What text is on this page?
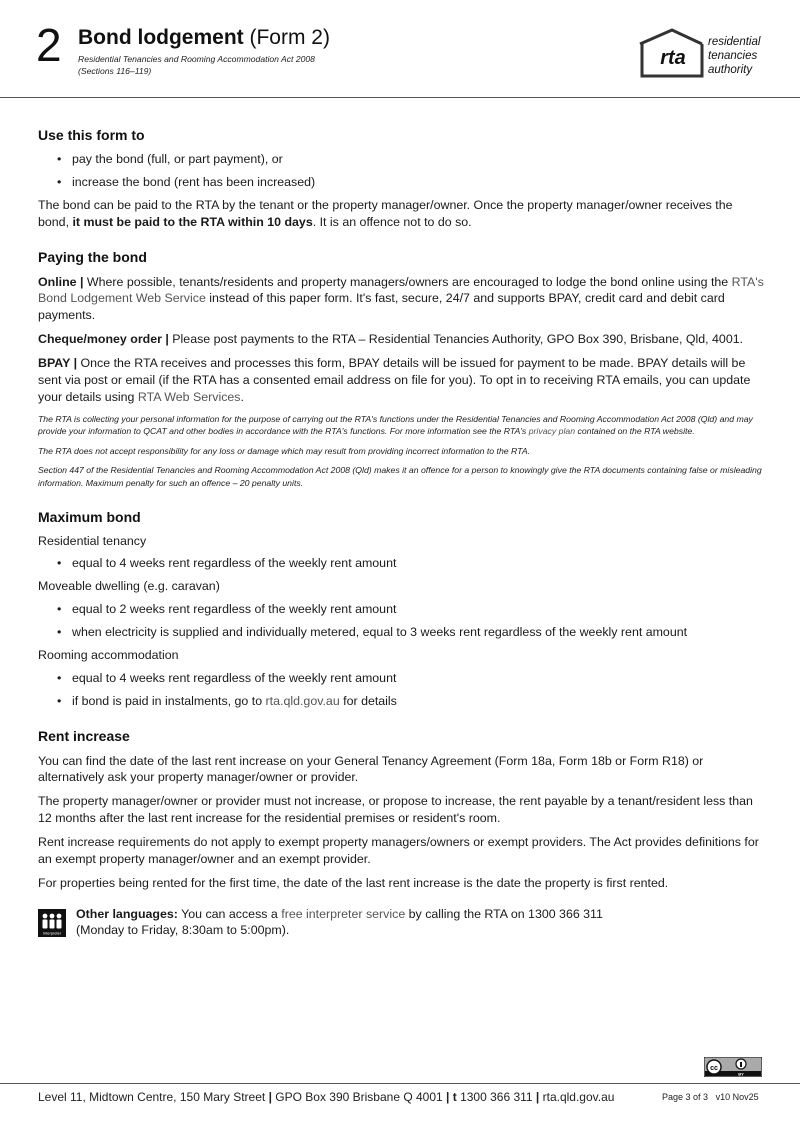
2 Bond lodgement (Form 2)
Residential Tenancies and Rooming Accommodation Act 2008
(Sections 116–119)
rta
residential
tenancies
authority
Use this form to
• pay the bond (full, or part payment), or
• increase the bond (rent has been increased)

The bond can be paid to the RTA by the tenant or the property manager/owner. Once the property manager/owner receives the bond, it must be paid to the RTA within 10 days. It is an offence not to do so.

Paying the bond

Online | Where possible, tenants/residents and property managers/owners are encouraged to lodge the bond online using the RTA's Bond Lodgement Web Service instead of this paper form. It's fast, secure, 24/7 and supports BPAY, credit card and debit card payments.

Cheque/money order | Please post payments to the RTA – Residential Tenancies Authority, GPO Box 390, Brisbane, Qld, 4001.

BPAY | Once the RTA receives and processes this form, BPAY details will be issued for payment to be made. BPAY details will be sent via post or email (if the RTA has a consented email address on file for you). To opt in to receiving RTA emails, you can update your details using RTA Web Services.

The RTA is collecting your personal information for the purpose of carrying out the RTA's functions under the Residential Tenancies and Rooming Accommodation Act 2008 (Qld) and may provide your information to QCAT and other bodies in accordance with the RTA's functions. For more information see the RTA's privacy plan contained on the RTA website.

The RTA does not accept responsibility for any loss or damage which may result from providing incorrect information to the RTA.

Section 447 of the Residential Tenancies and Rooming Accommodation Act 2008 (Qld) makes it an offence for a person to knowingly give the RTA documents containing false or misleading information. Maximum penalty for such an offence – 20 penalty units.

Maximum bond

Residential tenancy

• equal to 4 weeks rent regardless of the weekly rent amount

Moveable dwelling (e.g. caravan)

• equal to 2 weeks rent regardless of the weekly rent amount
• when electricity is supplied and individually metered, equal to 3 weeks rent regardless of the weekly rent amount

Rooming accommodation

• equal to 4 weeks rent regardless of the weekly rent amount
• if bond is paid in instalments, go to rta.qld.gov.au for details
Rent increase

You can find the date of the last rent increase on your General Tenancy Agreement (Form 18a, Form 18b or Form R18) or alternatively ask your property manager/owner or provider.

The property manager/owner or provider must not increase, or propose to increase, the rent payable by a tenant/resident less than 12 months after the last rent increase for the residential premises or resident's room.

Rent increase requirements do not apply to exempt property managers/owners or exempt providers. The Act provides definitions for an exempt property manager/owner and an exempt provider.

For properties being rented for the first time, the date of the last rent increase is the date the property is first rented.

Interpreter

Other languages: You can access a free interpreter service by calling the RTA on 1300 366 311
(Monday to Friday, 8:30am to 5:00pm).

cc
BY
Level 11, Midtown Centre, 150 Mary Street | GPO Box 390 Brisbane Q 4001 | t 1300 366 311 | rta.qld.gov.au	Page 3 of 3 v10 Nov25
